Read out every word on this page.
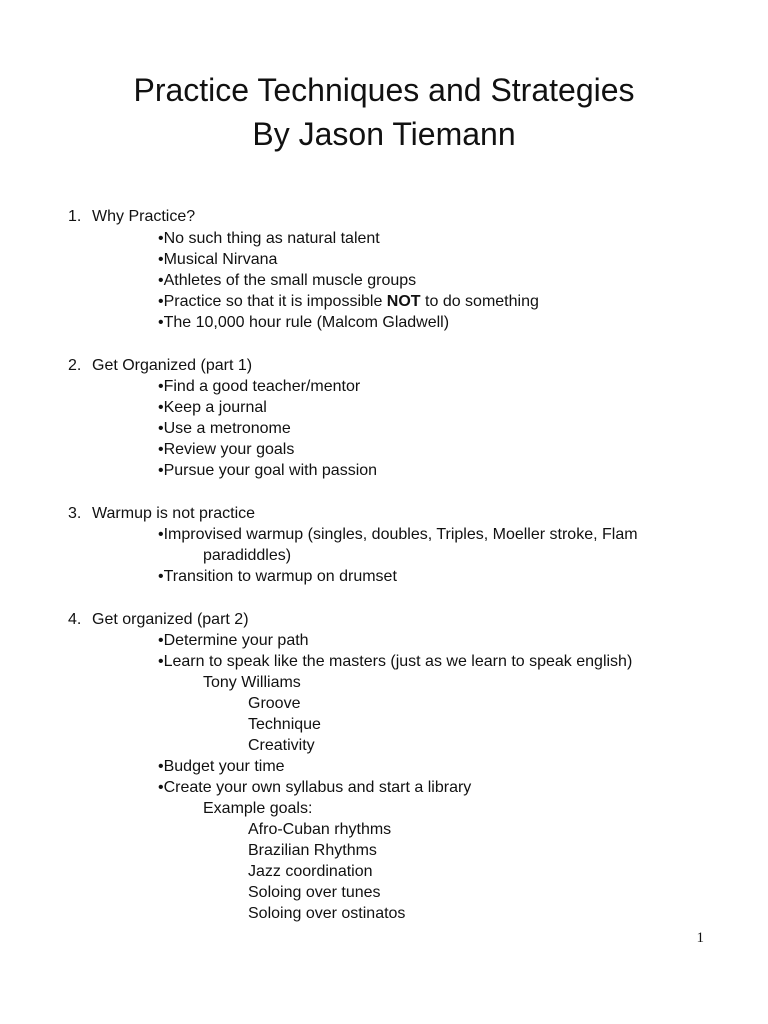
Practice Techniques and Strategies
By Jason Tiemann
1. Why Practice?
•No such thing as natural talent
•Musical Nirvana
•Athletes of the small muscle groups
•Practice so that it is impossible NOT to do something
•The 10,000 hour rule (Malcom Gladwell)
2. Get Organized (part 1)
•Find a good teacher/mentor
•Keep a journal
•Use a metronome
•Review your goals
•Pursue your goal with passion
3. Warmup is not practice
•Improvised warmup (singles, doubles, Triples, Moeller stroke, Flam
paradiddles)
•Transition to warmup on drumset
4. Get organized (part 2)
•Determine your path
•Learn to speak like the masters (just as we learn to speak english)
Tony Williams
Groove
Technique
Creativity
•Budget your time
•Create your own syllabus and start a library
Example goals:
Afro-Cuban rhythms
Brazilian Rhythms
Jazz coordination
Soloing over tunes
Soloing over ostinatos
1
